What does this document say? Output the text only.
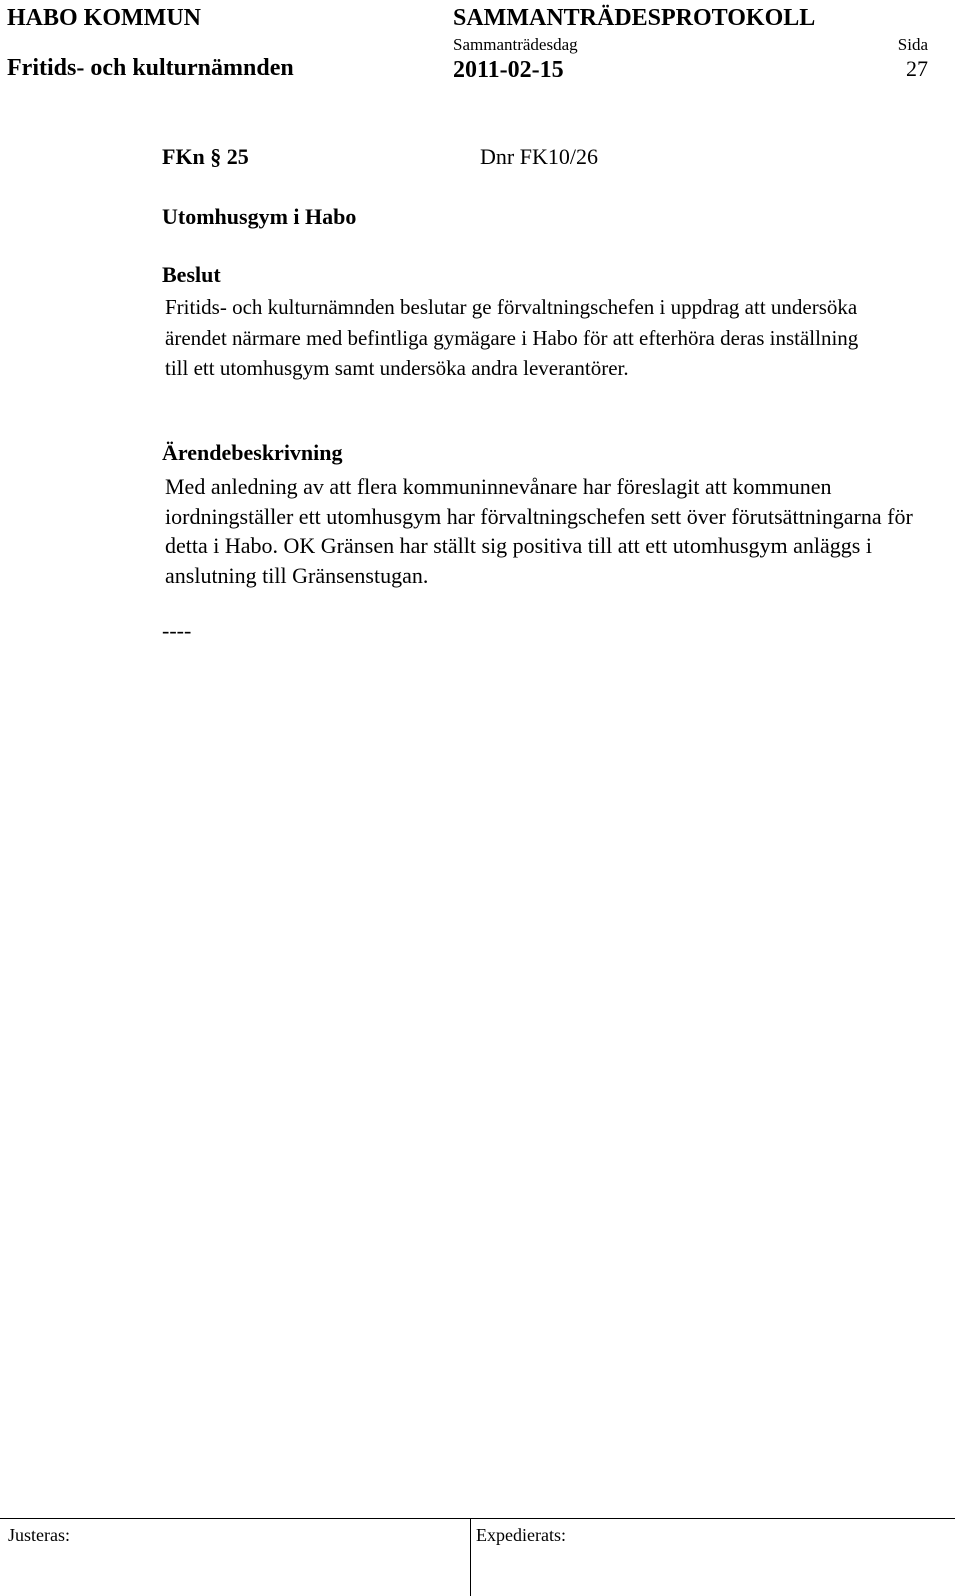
HABO KOMMUN
Fritids- och kulturnämnden
SAMMANTRÄDESPROTOKOLL
Sammanträdesdag
2011-02-15
Sida
27
FKn § 25	Dnr FK10/26
Utomhusgym i Habo
Beslut

Fritids- och kulturnämnden beslutar ge förvaltningschefen i uppdrag att undersöka ärendet närmare med befintliga gymägare i Habo för att efterhöra deras inställning till ett utomhusgym samt undersöka andra leverantörer.

Ärendebeskrivning

Med anledning av att flera kommuninnevånare har föreslagit att kommunen iordningställer ett utomhusgym har förvaltningschefen sett över förutsättningarna för detta i Habo. OK Gränsen har ställt sig positiva till att ett utomhusgym anläggs i anslutning till Gränsenstugan.

----
Justeras:	Expedierats:
